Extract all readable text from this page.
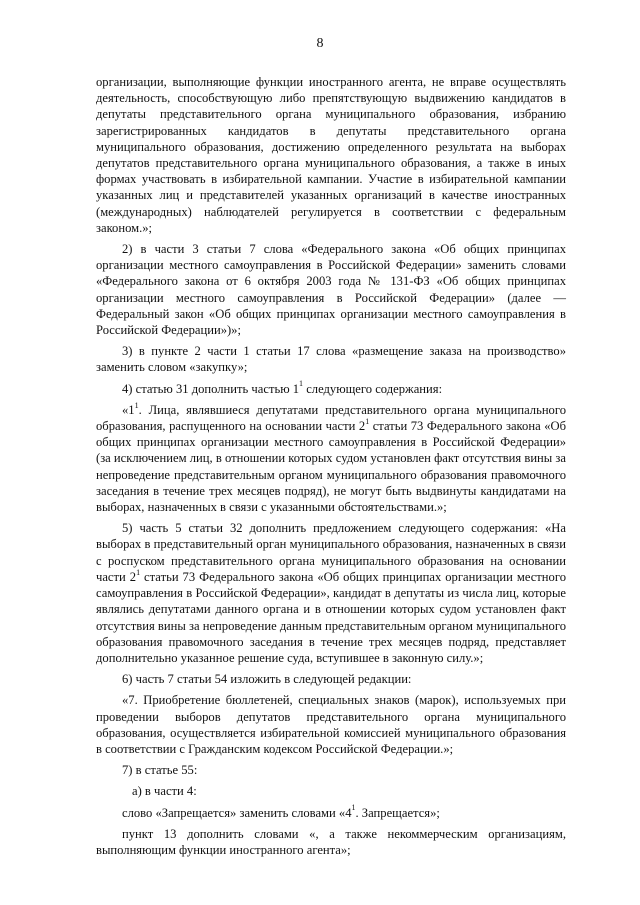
8

организации, выполняющие функции иностранного агента, не вправе осуществлять деятельность, способствующую либо препятствующую выдвижению кандидатов в депутаты представительного органа муниципального образования, избранию зарегистрированных кандидатов в депутаты представительного органа муниципального образования, достижению определенного результата на выборах депутатов представительного органа муниципального образования, а также в иных формах участвовать в избирательной кампании. Участие в избирательной кампании указанных лиц и представителей указанных организаций в качестве иностранных (международных) наблюдателей регулируется в соответствии с федеральным законом.»;

2) в части 3 статьи 7 слова «Федерального закона «Об общих принципах организации местного самоуправления в Российской Федерации» заменить словами «Федерального закона от 6 октября 2003 года № 131-ФЗ «Об общих принципах организации местного самоуправления в Российской Федерации» (далее — Федеральный закон «Об общих принципах организации местного самоуправления в Российской Федерации»)»;

3) в пункте 2 части 1 статьи 17 слова «размещение заказа на производство» заменить словом «закупку»;

4) статью 31 дополнить частью $1^1$ следующего содержания:

«$1^1$. Лица, являвшиеся депутатами представительного органа муниципального образования, распущенного на основании части $2^1$ статьи 73 Федерального закона «Об общих принципах организации местного самоуправления в Российской Федерации» (за исключением лиц, в отношении которых судом установлен факт отсутствия вины за непроведение представительным органом муниципального образования правомочного заседания в течение трех месяцев подряд), не могут быть выдвинуты кандидатами на выборах, назначенных в связи с указанными обстоятельствами.»;

5) часть 5 статьи 32 дополнить предложением следующего содержания: «На выборах в представительный орган муниципального образования, назначенных в связи с роспуском представительного органа муниципального образования на основании части $2^1$ статьи 73 Федерального закона «Об общих принципах организации местного самоуправления в Российской Федерации», кандидат в депутаты из числа лиц, которые являлись депутатами данного органа и в отношении которых судом установлен факт отсутствия вины за непроведение данным представительным органом муниципального образования правомочного заседания в течение трех месяцев подряд, представляет дополнительно указанное решение суда, вступившее в законную силу.»;

6) часть 7 статьи 54 изложить в следующей редакции:

«7. Приобретение бюллетеней, специальных знаков (марок), используемых при проведении выборов депутатов представительного органа муниципального образования, осуществляется избирательной комиссией муниципального образования в соответствии с Гражданским кодексом Российской Федерации.»;

7) в статье 55:

а) в части 4:

слово «Запрещается» заменить словами «$4^1$. Запрещается»;

пункт 13 дополнить словами «, а также некоммерческим организациям, выполняющим функции иностранного агента»;
